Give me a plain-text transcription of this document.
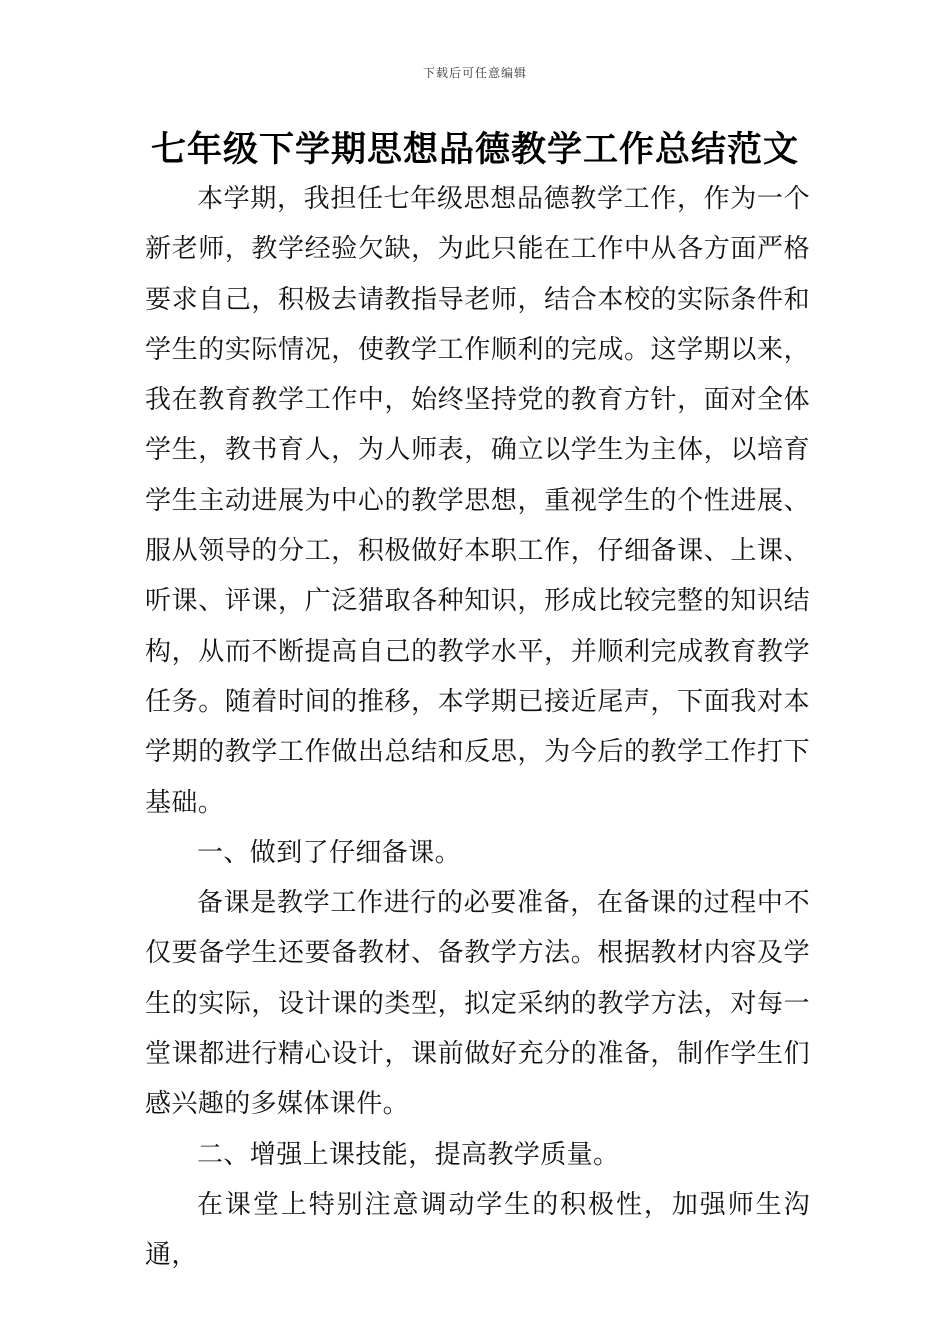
下载后可任意编辑
七年级下学期思想品德教学工作总结范文

本学期，我担任七年级思想品德教学工作，作为一个新老师，教学经验欠缺，为此只能在工作中从各方面严格要求自己，积极去请教指导老师，结合本校的实际条件和学生的实际情况，使教学工作顺利的完成。这学期以来，我在教育教学工作中，始终坚持党的教育方针，面对全体学生，教书育人，为人师表，确立以学生为主体，以培育学生主动进展为中心的教学思想，重视学生的个性进展、服从领导的分工，积极做好本职工作，仔细备课、上课、听课、评课，广泛猎取各种知识，形成比较完整的知识结构，从而不断提高自己的教学水平，并顺利完成教育教学任务。随着时间的推移，本学期已接近尾声，下面我对本学期的教学工作做出总结和反思，为今后的教学工作打下基础。

一、做到了仔细备课。

备课是教学工作进行的必要准备，在备课的过程中不仅要备学生还要备教材、备教学方法。根据教材内容及学生的实际，设计课的类型，拟定采纳的教学方法，对每一堂课都进行精心设计，课前做好充分的准备，制作学生们感兴趣的多媒体课件。

二、增强上课技能，提高教学质量。

在课堂上特别注意调动学生的积极性，加强师生沟通，
